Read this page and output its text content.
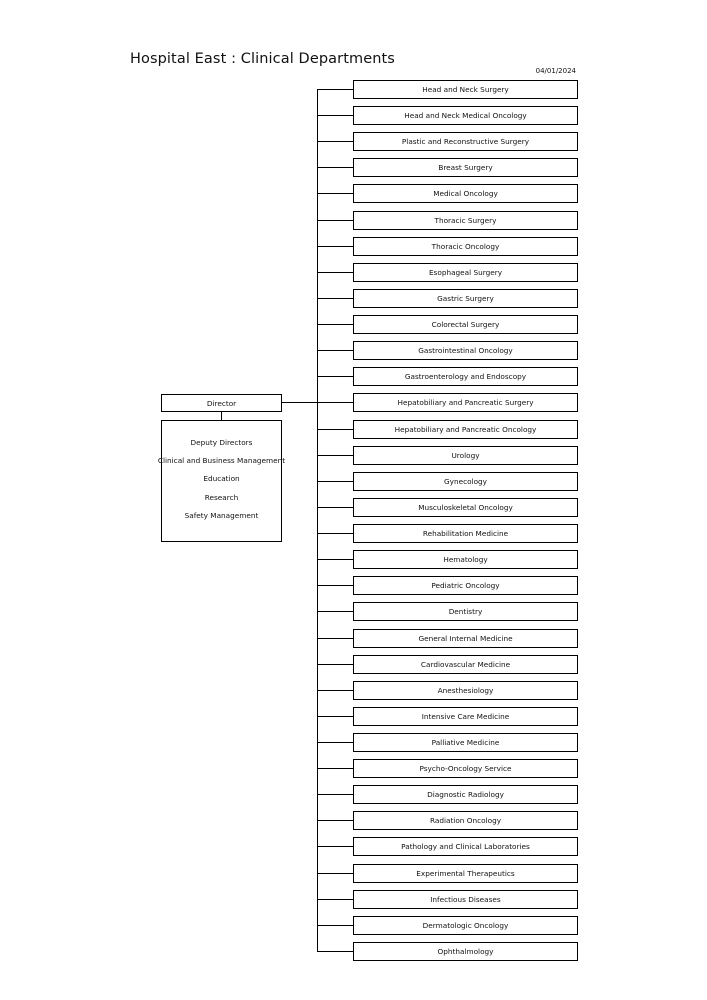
Hospital East : Clinical Departments
04/01/2024
Director
Deputy Directors
Clinical and Business Management
Education
Research
Safety Management
Head and Neck Surgery
Head and Neck Medical Oncology
Plastic and Reconstructive Surgery
Breast Surgery
Medical Oncology
Thoracic Surgery
Thoracic Oncology
Esophageal Surgery
Gastric Surgery
Colorectal Surgery
Gastrointestinal Oncology
Gastroenterology and Endoscopy
Hepatobiliary and Pancreatic Surgery
Hepatobiliary and Pancreatic Oncology
Urology
Gynecology
Musculoskeletal Oncology
Rehabilitation Medicine
Hematology
Pediatric Oncology
Dentistry
General Internal Medicine
Cardiovascular Medicine
Anesthesiology
Intensive Care Medicine
Palliative Medicine
Psycho-Oncology Service
Diagnostic Radiology
Radiation Oncology
Pathology and Clinical Laboratories
Experimental Therapeutics
Infectious Diseases
Dermatologic Oncology
Ophthalmology
